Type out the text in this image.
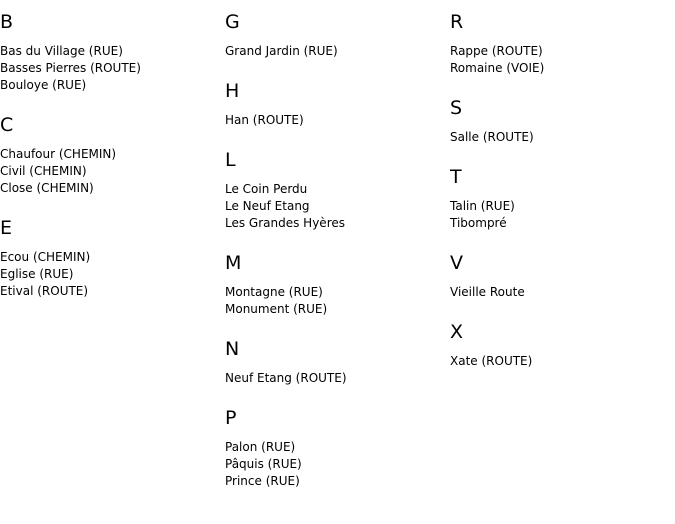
B
Bas du Village (RUE)
Basses Pierres (ROUTE)
Bouloye (RUE)
C
Chaufour (CHEMIN)
Civil (CHEMIN)
Close (CHEMIN)
E
Ecou (CHEMIN)
Eglise (RUE)
Etival (ROUTE)
G
Grand Jardin (RUE)
H
Han (ROUTE)
L
Le Coin Perdu
Le Neuf Etang
Les Grandes Hyères
M
Montagne (RUE)
Monument (RUE)
N
Neuf Etang (ROUTE)
P
Palon (RUE)
Pâquis (RUE)
Prince (RUE)
R
Rappe (ROUTE)
Romaine (VOIE)
S
Salle (ROUTE)
T
Talin (RUE)
Tibompré
V
Vieille Route
X
Xate (ROUTE)
